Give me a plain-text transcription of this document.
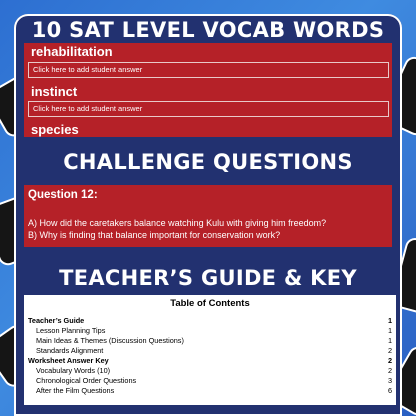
10 SAT LEVEL VOCAB WORDS
rehabilitation
Click here to add student answer
instinct
Click here to add student answer
species
CHALLENGE QUESTIONS
Question 12:
A) How did the caretakers balance watching Kulu with giving him freedom?
B) Why is finding that balance important for conservation work?
TEACHER’S GUIDE & KEY
Table of Contents
Teacher’s Guide	1
Lesson Planning Tips	1
Main Ideas & Themes (Discussion Questions)	1
Standards Alignment	2
Worksheet Answer Key	2
Vocabulary Words (10)	2
Chronological Order Questions	3
After the Film Questions	6
